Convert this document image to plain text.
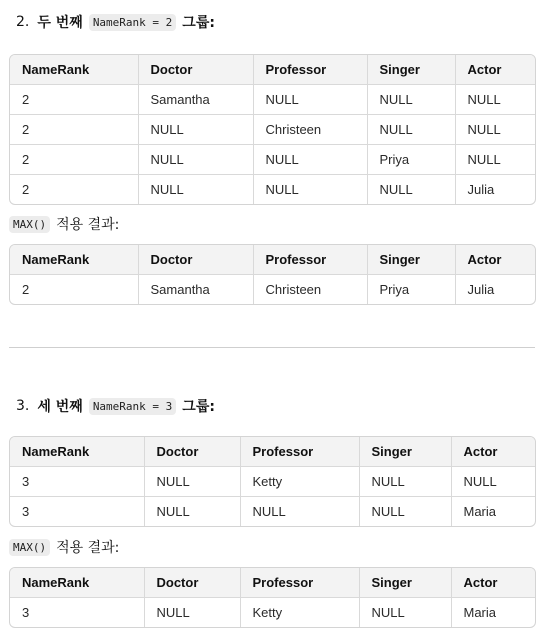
2. 두 번째 NameRank = 2 그룹:
NameRank	Doctor	Professor	Singer	Actor
2	Samantha	NULL	NULL	NULL
2	NULL	Christeen	NULL	NULL
2	NULL	NULL	Priya	NULL
2	NULL	NULL	NULL	Julia
MAX() 적용 결과:
NameRank	Doctor	Professor	Singer	Actor
2	Samantha	Christeen	Priya	Julia
3. 세 번째 NameRank = 3 그룹:
NameRank	Doctor	Professor	Singer	Actor
3	NULL	Ketty	NULL	NULL
3	NULL	NULL	NULL	Maria
MAX() 적용 결과:
NameRank	Doctor	Professor	Singer	Actor
3	NULL	Ketty	NULL	Maria
